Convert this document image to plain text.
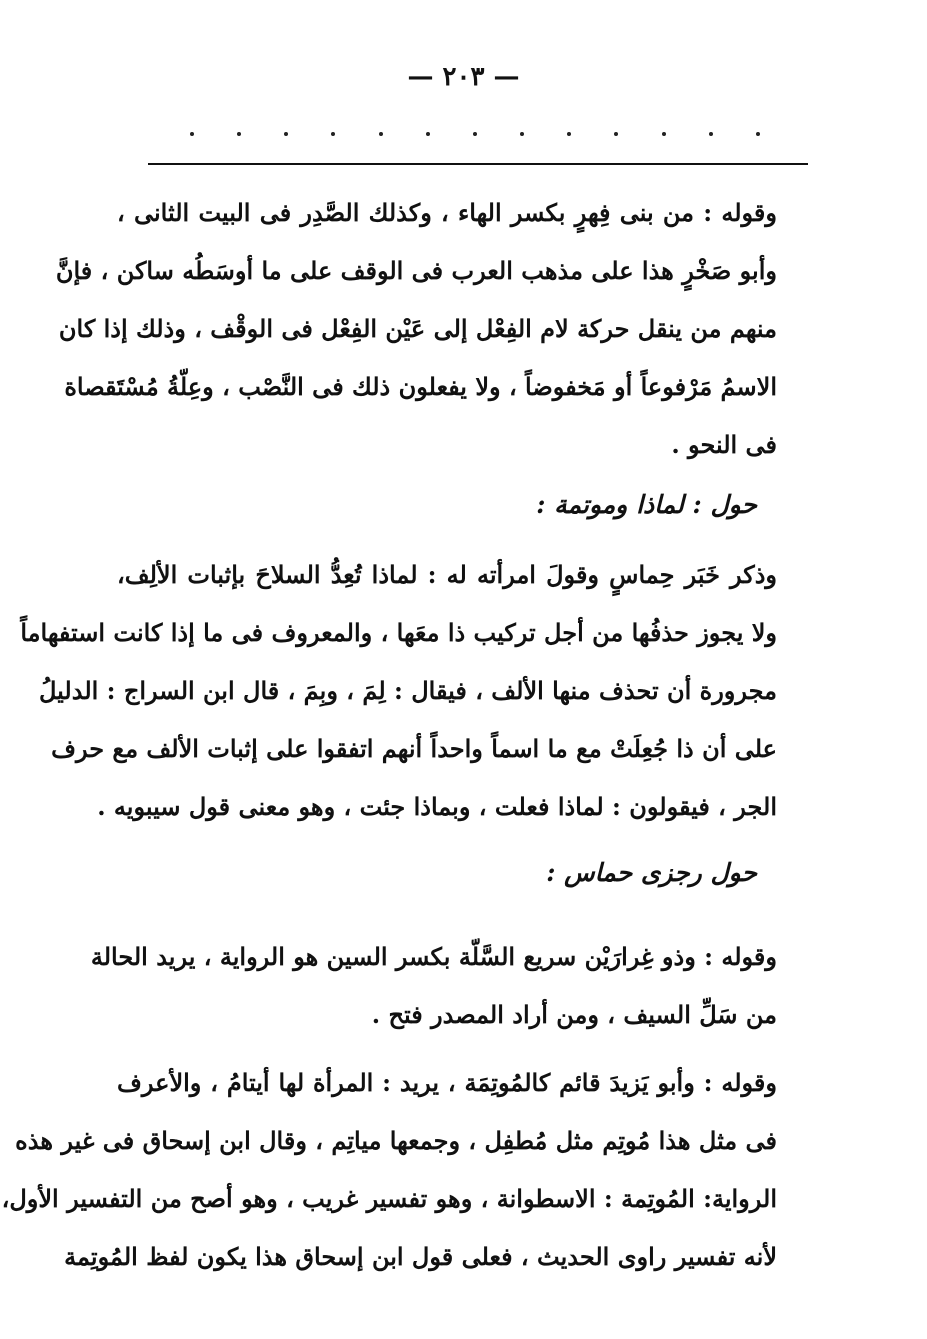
— ٢٠٣ —
وقوله : من بنى فِهرٍ بكسر الهاء ، وكذلك الصَّدِر فى البيت الثانى ،
وأبو صَخْرٍ هذا على مذهب العرب فى الوقف على ما أوسَطُه ساكن ، فإنَّ
منهم من ينقل حركة لام الفِعْل إلى عَيْن الفِعْل فى الوقْف ، وذلك إذا كان
الاسمُ مَرْفوعاً أو مَخفوضاً ، ولا يفعلون ذلك فى النَّصْب ، وعِلّةُ مُسْتَقصاة
فى النحو .
حول : لماذا وموتمة :
وذكر خَبَر حِماسٍ وقولَ امرأته له : لماذا تُعِدُّ السلاحَ بإثبات الألِف،
ولا يجوز حذفُها من أجل تركيب ذا معَها ، والمعروف فى ما إذا كانت استفهاماً
مجرورة أن تحذف منها الألف ، فيقال : لِمَ ، وبِمَ ، قال ابن السراج : الدليلُ
على أن ذا جُعِلَتْ مع ما اسماً واحداً أنهم اتفقوا على إثبات الألف مع حرف
الجر ، فيقولون : لماذا فعلت ، وبماذا جئت ، وهو معنى قول سيبويه .
حول رجزى حماس :
وقوله : وذو غِرارَيْن سريع السَّلّة بكسر السين هو الرواية ، يريد الحالة
من سَلِّ السيف ، ومن أراد المصدر فتح .
وقوله : وأبو يَزيدَ قائم كالمُوتِمَة ، يريد : المرأة لها أيتامُ ، والأعرف
فى مثل هذا مُوتِم مثل مُطفِل ، وجمعها مياتِم ، وقال ابن إسحاق فى غير هذه
الرواية: المُوتِمة : الاسطوانة ، وهو تفسير غريب ، وهو أصح من التفسير الأول،
لأنه تفسير راوى الحديث ، فعلى قول ابن إسحاق هذا يكون لفظ المُوتِمة
